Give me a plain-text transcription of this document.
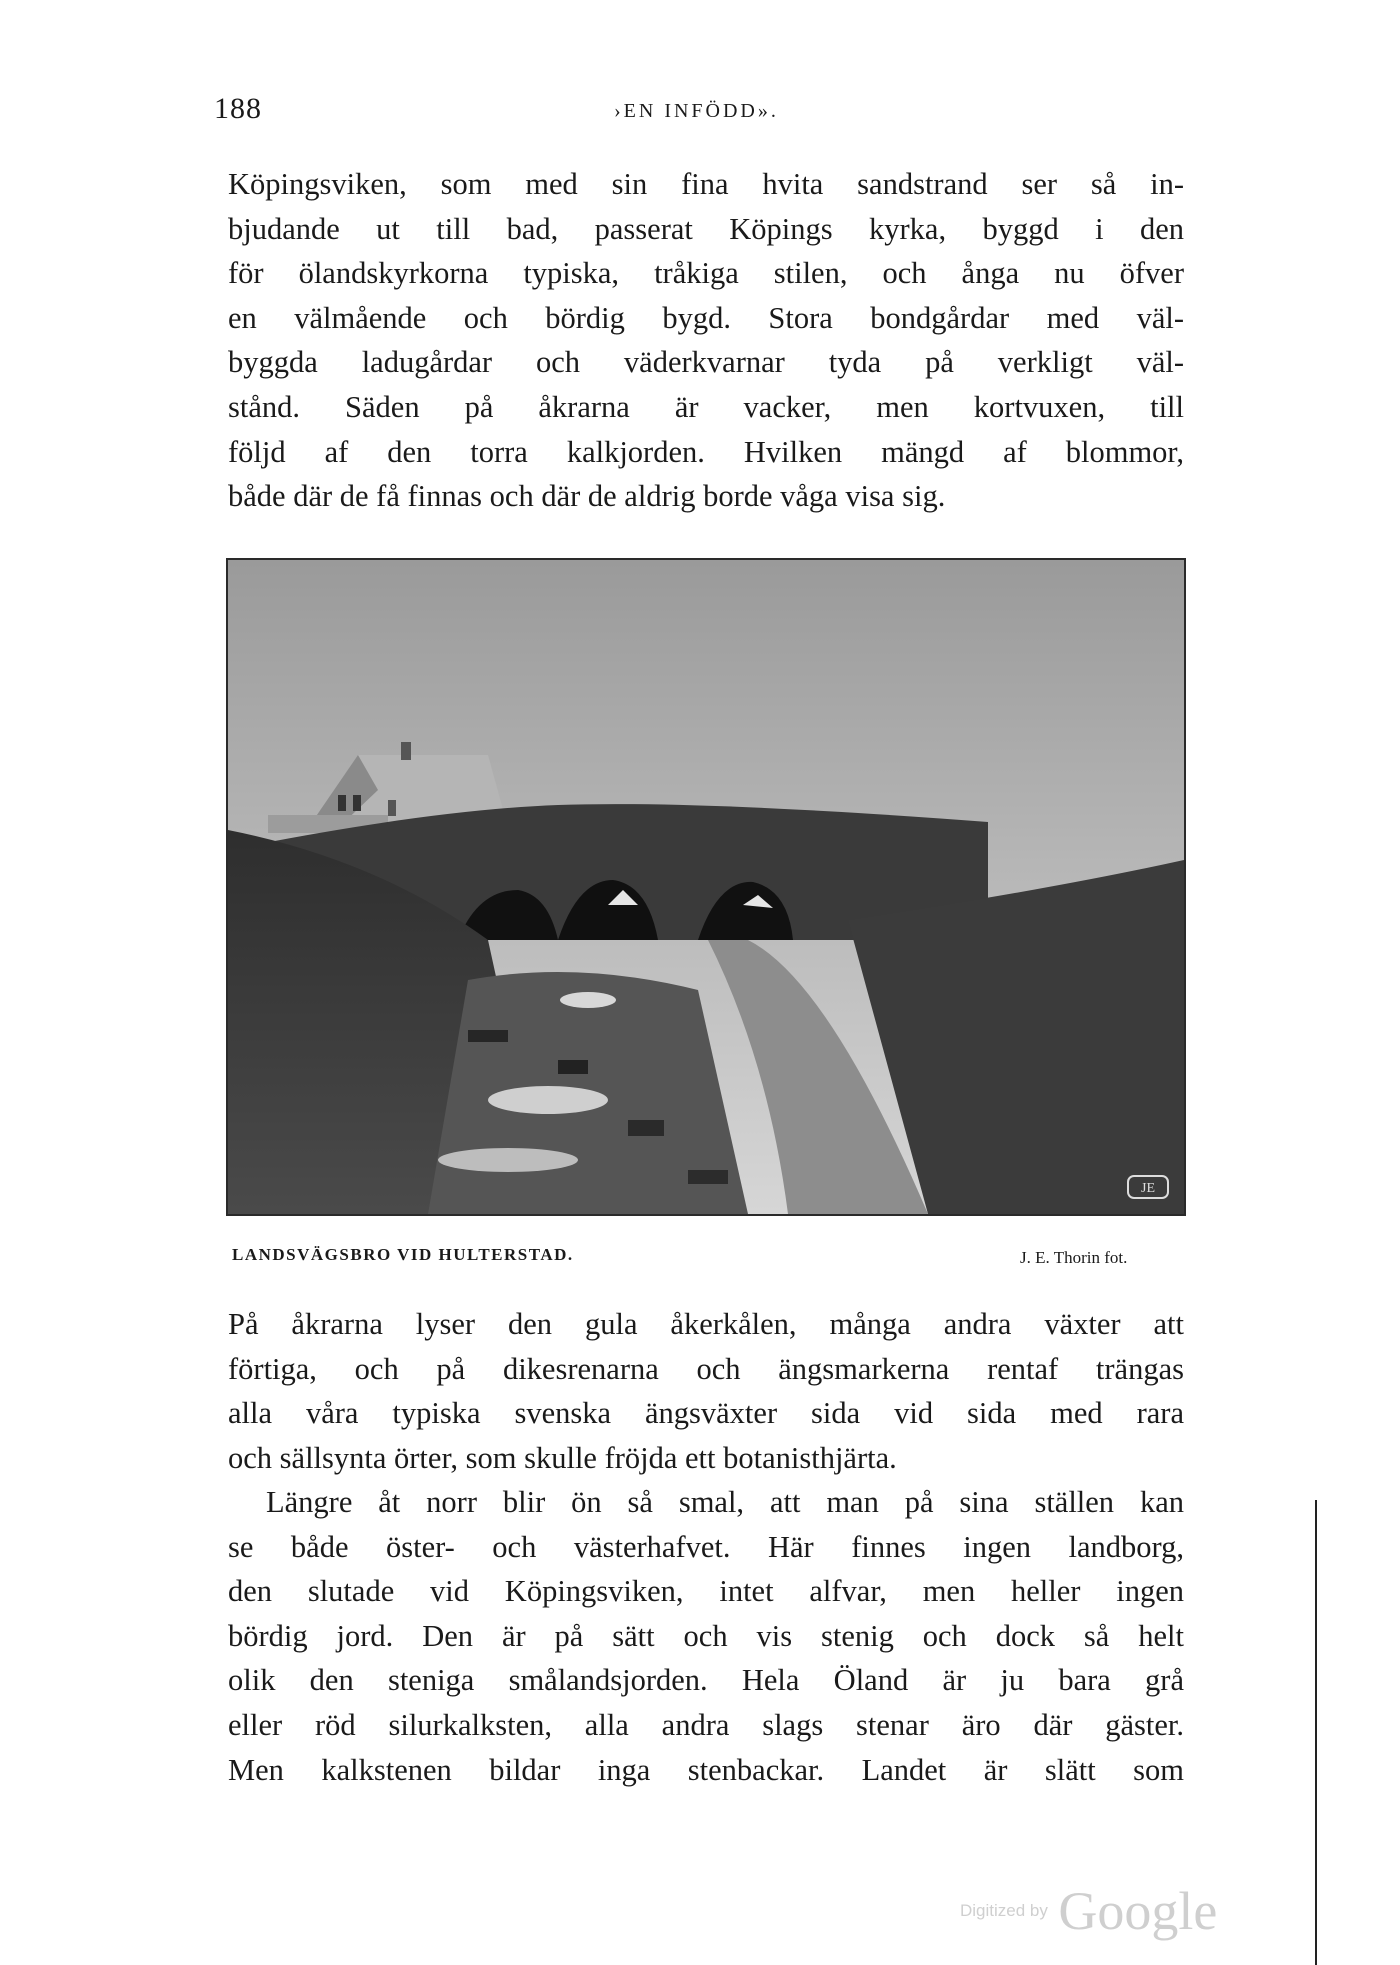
188	›EN INFÖDD».

Köpingsviken, som med sin fina hvita sandstrand ser så in-
bjudande ut till bad, passerat Köpings kyrka, byggd i den
för ölandskyrkorna typiska, tråkiga stilen, och ånga nu öfver
en välmående och bördig bygd. Stora bondgårdar med väl-
byggda ladugårdar och väderkvarnar tyda på verkligt väl-
stånd. Säden på åkrarna är vacker, men kortvuxen, till
följd af den torra kalkjorden. Hvilken mängd af blommor,
både där de få finnas och där de aldrig borde våga visa sig.

JE
LANDSVÄGSBRO VID HULTERSTAD.	J. E. Thorin fot.

På åkrarna lyser den gula åkerkålen, många andra växter att
förtiga, och på dikesrenarna och ängsmarkerna rentaf trängas
alla våra typiska svenska ängsväxter sida vid sida med rara
och sällsynta örter, som skulle fröjda ett botanisthjärta.

Längre åt norr blir ön så smal, att man på sina ställen kan
se både öster- och västerhafvet. Här finnes ingen landborg,
den slutade vid Köpingsviken, intet alfvar, men heller ingen
bördig jord. Den är på sätt och vis stenig och dock så helt
olik den steniga smålandsjorden. Hela Öland är ju bara grå
eller röd silurkalksten, alla andra slags stenar äro där gäster.
Men kalkstenen bildar inga stenbackar. Landet är slätt som

Digitized by Google
